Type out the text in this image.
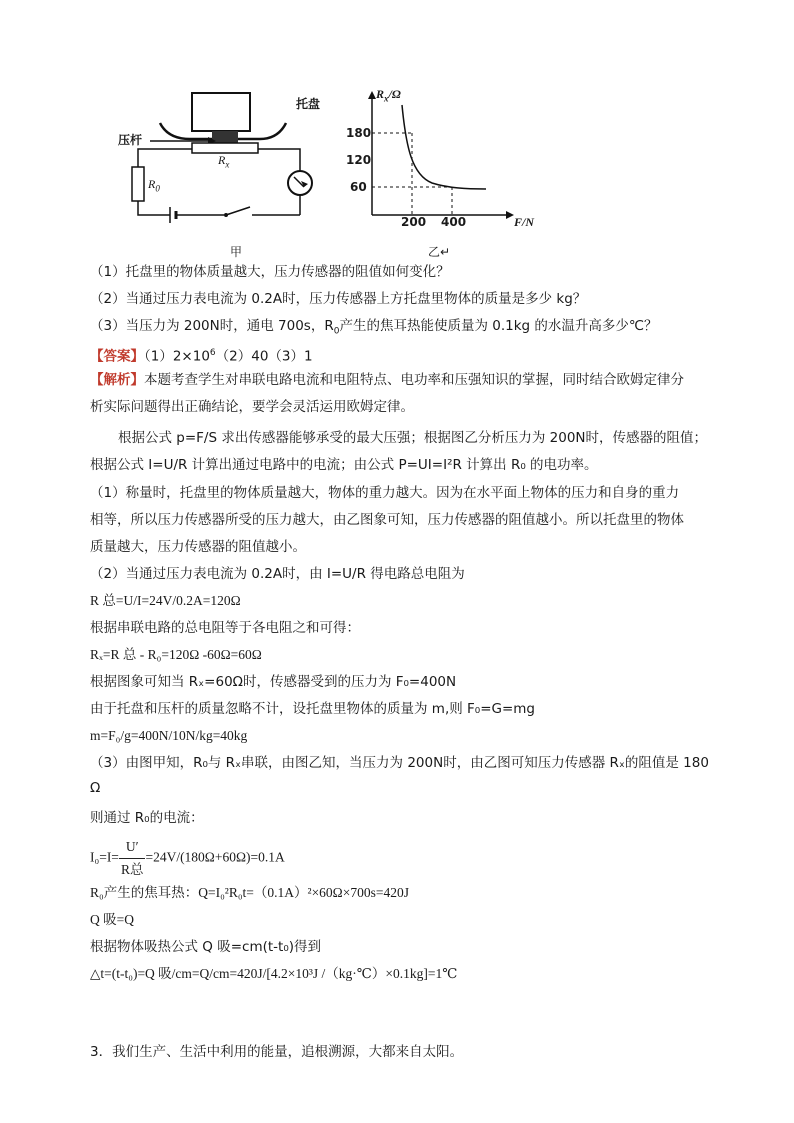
托盘
压杆
$R_x$
$R_0$
甲
$R_x/\Omega$
180
120
60
200 400	F/N
乙↵
（1）托盘里的物体质量越大，压力传感器的阻值如何变化？
（2）当通过压力表电流为 0.2A时，压力传感器上方托盘里物体的质量是多少 kg？
（3）当压力为 200N时，通电 700s，$R_0$产生的焦耳热能使质量为 0.1kg 的水温升高多少℃？
【答案】$(1)2\times 10^6(2)40(3)1$
【解析】本题考查学生对串联电路电流和电阻特点、电功率和压强知识的掌握，同时结合欧姆定律分
析实际问题得出正确结论，要学会灵活运用欧姆定律。
根据公式 p=F/S 求出传感器能够承受的最大压强；根据图乙分析压力为 200N时，传感器的阻值；
根据公式 I=U/R 计算出通过电路中的电流；由公式 P=UI=I²R 计算出 R₀ 的电功率。
（1）称量时，托盘里的物体质量越大，物体的重力越大。因为在水平面上物体的压力和自身的重力
相等，所以压力传感器所受的压力越大，由乙图象可知，压力传感器的阻值越小。所以托盘里的物体
质量越大，压力传感器的阻值越小。
（2）当通过压力表电流为 0.2A时，由 I=U/R 得电路总电阻为
R 总=U/I=24V/0.2A=120Ω
根据串联电路的总电阻等于各电阻之和可得：
Rₓ=R 总 - R₀=120Ω -60Ω=60Ω
根据图象可知当 Rₓ=60Ω时，传感器受到的压力为 F₀=400N
由于托盘和压杆的质量忽略不计，设托盘里物体的质量为 m,则 F₀=G=mg
m=F₀/g=400N/10N/kg=40kg
（3）由图甲知，R₀与 Rₓ串联，由图乙知，当压力为 200N时，由乙图可知压力传感器 Rₓ的阻值是 180
Ω
则通过 R₀的电流：
$I_0=I= \frac{U'}{\text{R总}} =24V/(180\Omega+60\Omega)=0.1A$
R₀产生的焦耳热：Q=I₀²R₀t=（0.1A）²×60Ω×700s=420J
Q 吸=Q
根据物体吸热公式 Q 吸=cm(t-t₀)得到
△t=(t-t₀)=Q 吸/cm=Q/cm=420J/[4.2×10³J /（kg·℃）×0.1kg]=1℃
3．我们生产、生活中利用的能量，追根溯源，大都来自太阳。
